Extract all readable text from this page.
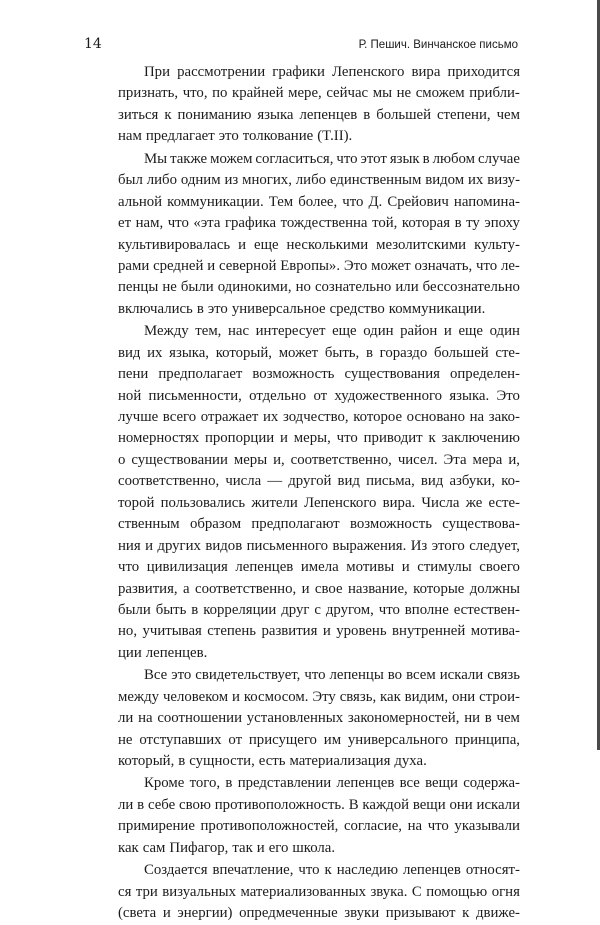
14	Р. Пешич. Винчанское письмо
При рассмотрении графики Лепенского вира приходится
признать, что, по крайней мере, сейчас мы не сможем прибли-
зиться к пониманию языка лепенцев в большей степени, чем
нам предлагает это толкование (T.II).
Мы также можем согласиться, что этот язык в любом случае
был либо одним из многих, либо единственным видом их визу-
альной коммуникации. Тем более, что Д. Срейович напомина-
ет нам, что «эта графика тождественна той, которая в ту эпоху
культивировалась и еще несколькими мезолитскими культу-
рами средней и северной Европы». Это может означать, что ле-
пенцы не были одинокими, но сознательно или бессознательно
включались в это универсальное средство коммуникации.
Между тем, нас интересует еще один район и еще один
вид их языка, который, может быть, в гораздо большей сте-
пени предполагает возможность существования определен-
ной письменности, отдельно от художественного языка. Это
лучше всего отражает их зодчество, которое основано на зако-
номерностях пропорции и меры, что приводит к заключению
о существовании меры и, соответственно, чисел. Эта мера и,
соответственно, числа — другой вид письма, вид азбуки, ко-
торой пользовались жители Лепенского вира. Числа же есте-
ственным образом предполагают возможность существова-
ния и других видов письменного выражения. Из этого следует,
что цивилизация лепенцев имела мотивы и стимулы своего
развития, а соответственно, и свое название, которые должны
были быть в корреляции друг с другом, что вполне естествен-
но, учитывая степень развития и уровень внутренней мотива-
ции лепенцев.
Все это свидетельствует, что лепенцы во всем искали связь
между человеком и космосом. Эту связь, как видим, они строи-
ли на соотношении установленных закономерностей, ни в чем
не отступавших от присущего им универсального принципа,
который, в сущности, есть материализация духа.
Кроме того, в представлении лепенцев все вещи содержа-
ли в себе свою противоположность. В каждой вещи они искали
примирение противоположностей, согласие, на что указывали
как сам Пифагор, так и его школа.
Создается впечатление, что к наследию лепенцев относят-
ся три визуальных материализованных звука. С помощью огня
(света и энергии) опредмеченные звуки призывают к движе-
